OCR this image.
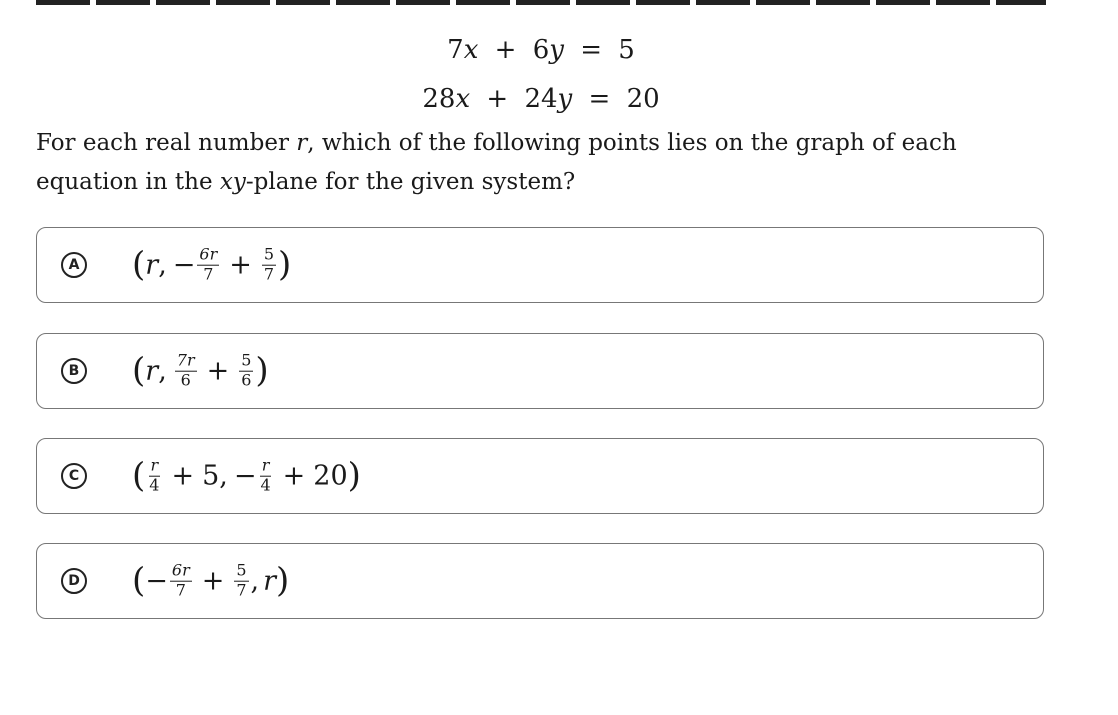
7x + 6y = 5
28x + 24y = 20
For each real number r, which of the following points lies on the graph of each equation in the xy-plane for the given system?
A ( r , − $\frac{6r}{7} + \frac{5}{7}$ )
B ( r , $\frac{7r}{6} + \frac{5}{6}$ )
C ( $\frac{r}{4} + 5$ , − $\frac{r}{4} + 20$ )
D ( − $\frac{6r}{7} + \frac{5}{7}$ , r )
